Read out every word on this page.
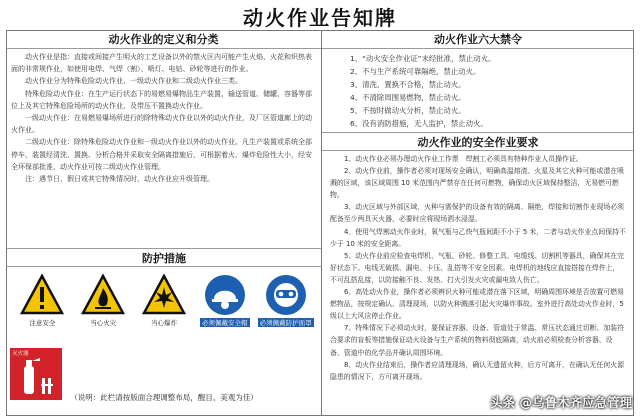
动火作业告知牌
动火作业的定义和分类
动火作业是指：直接或间接产生明火的工艺设备以外的禁火区内可能产生火焰、火花和炽热表面的非常规作业，如使用电焊、气焊（割）、喷灯、电钻、砂轮等进行的作业。
动火作业分为特殊危险动火作业、一级动火作业和二级动火作业三类。
特殊危险动火作业：在生产运行状态下的易燃易爆物品生产装置、输送管道、储罐、容器等部位上及其它特殊危险场所的动火作业，及带压不置换动火作业。
一级动火作业：在易燃易爆场所进行的除特殊动火作业以外的动火作业，及厂区管道廊上的动火作业。
二级动火作业：除特殊危险动火作业和一级动火作业以外的动火作业。凡生产装置或系统全部停车，装置经清洗、置换、分析合格并采取安全隔离措施后，可根据着火、爆炸危险性大小，经安全环保部批准，动火作业可按二级动火作业管理。
注：遇节日、假日或其它特殊情况时，动火作业应升级管理。
防护措施
注意安全	当心火灾	当心爆炸	必须佩戴安全帽	必须佩戴防护面罩
灭火器
（说明：此栏请按版面合理调整布局，醒目、美观为佳）
动火作业六大禁令
1、“动火安全作业证”未经批准，禁止动火。
2、不与生产系统可靠隔绝，禁止动火。
3、清洗、置换不合格，禁止动火。
4、不清除周围易燃物，禁止动火。
5、不按时做动火分析，禁止动火。
6、没有消防措施，无人监护，禁止动火。
动火作业的安全作业要求
1、动火作业必须办理动火作业工作票　焊割工必须具有特种作业人员操作证。
2、动火作业前，操作者必须对现场安全确认，明确高温熔渣、火星及其它火种可能或潜在喷溅的区域，该区域周围 10 米范围内严禁存在任何可燃物，确保动火区域保持整洁，无易燃可燃物。
3、动火区域与外部区域、火种与需保护的设备有效的隔离、隔绝，焊接和切割作业现场必须配备至少两具灭火器，必要时应将现场洒水浸湿。
4、使用气焊割动火作业时，氧气瓶与乙炔气瓶间距不小于 5 米，二者与动火作业点间保持不少于 10 米的安全距离。
5、动火作业前应检查电焊机、气瓶、砂轮、修整工具、电缆线、切割机等器具，确保其在完好状态下。电线无破损、漏电、卡压、乱搭等不安全因素。电焊机的地线应直接搭接在焊件上，不可乱搭乱接，以防接触不良、发热、打火引发火灾或漏电致人伤亡。
6、高处动火作业，操作者必须辨识火种可能或潜在落下区域，明确周围环境是否放置可燃易燃物品，按规定确认、清理现场，以防火种溅落引起火灾爆炸事故。室外进行高处动火作业时，5 级以上大风应停止作业。
7、特殊情况下必须动火时，要保证容器、设备、管道处于常温、常压状态通过切断、加装符合要求的盲板等措施保证动火设备与生产系统的物料彻底隔离，动火前必须检查分析容器、设备、管道中的化学品并确认周围环境。
8、动火作业结束后，操作者应清理现场，确认无遗留火种，后方可离开，在确认无任何火源隐患的情况下，方可离开现场。
头条 @乌鲁木齐应急管理
